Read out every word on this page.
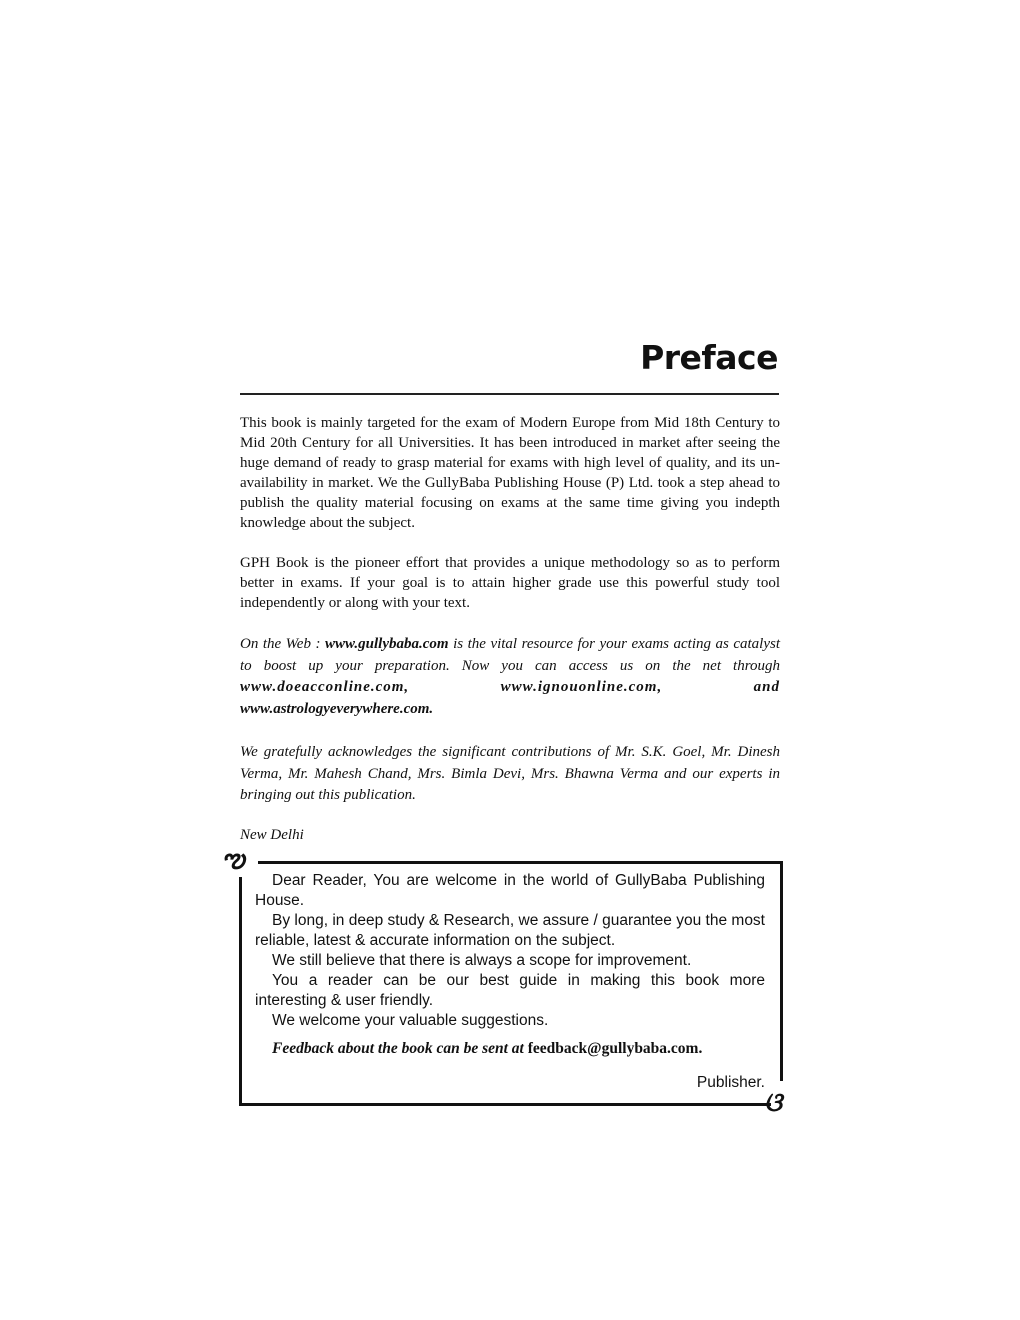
Preface

This book is mainly targeted for the exam of Modern Europe from Mid 18th Century to Mid 20th Century for all Universities. It has been introduced in market after seeing the huge demand of ready to grasp material for exams with high level of quality, and its un-availability in market. We the GullyBaba Publishing House (P) Ltd. took a step ahead to publish the quality material focusing on exams at the same time giving you indepth knowledge about the subject.

GPH Book is the pioneer effort that provides a unique methodology so as to perform better in exams. If your goal is to attain higher grade use this powerful study tool independently or along with your text.

On the Web : www.gullybaba.com is the vital resource for your exams acting as catalyst to boost up your preparation. Now you can access us on the net through www.doeacconline.com,	www.ignouonline.com,	and www.astrologyeverywhere.com.

We gratefully acknowledges the significant contributions of Mr. S.K. Goel, Mr. Dinesh Verma, Mr. Mahesh Chand, Mrs. Bimla Devi, Mrs. Bhawna Verma and our experts in bringing out this publication.

New Delhi

ఌ
ଓ

Dear Reader, You are welcome in the world of GullyBaba Publishing House.

By long, in deep study & Research, we assure / guarantee you the most reliable, latest & accurate information on the subject.

We still believe that there is always a scope for improvement.

You a reader can be our best guide in making this book more interesting & user friendly.

We welcome your valuable suggestions.

Feedback about the book can be sent at feedback@gullybaba.com.

Publisher.
